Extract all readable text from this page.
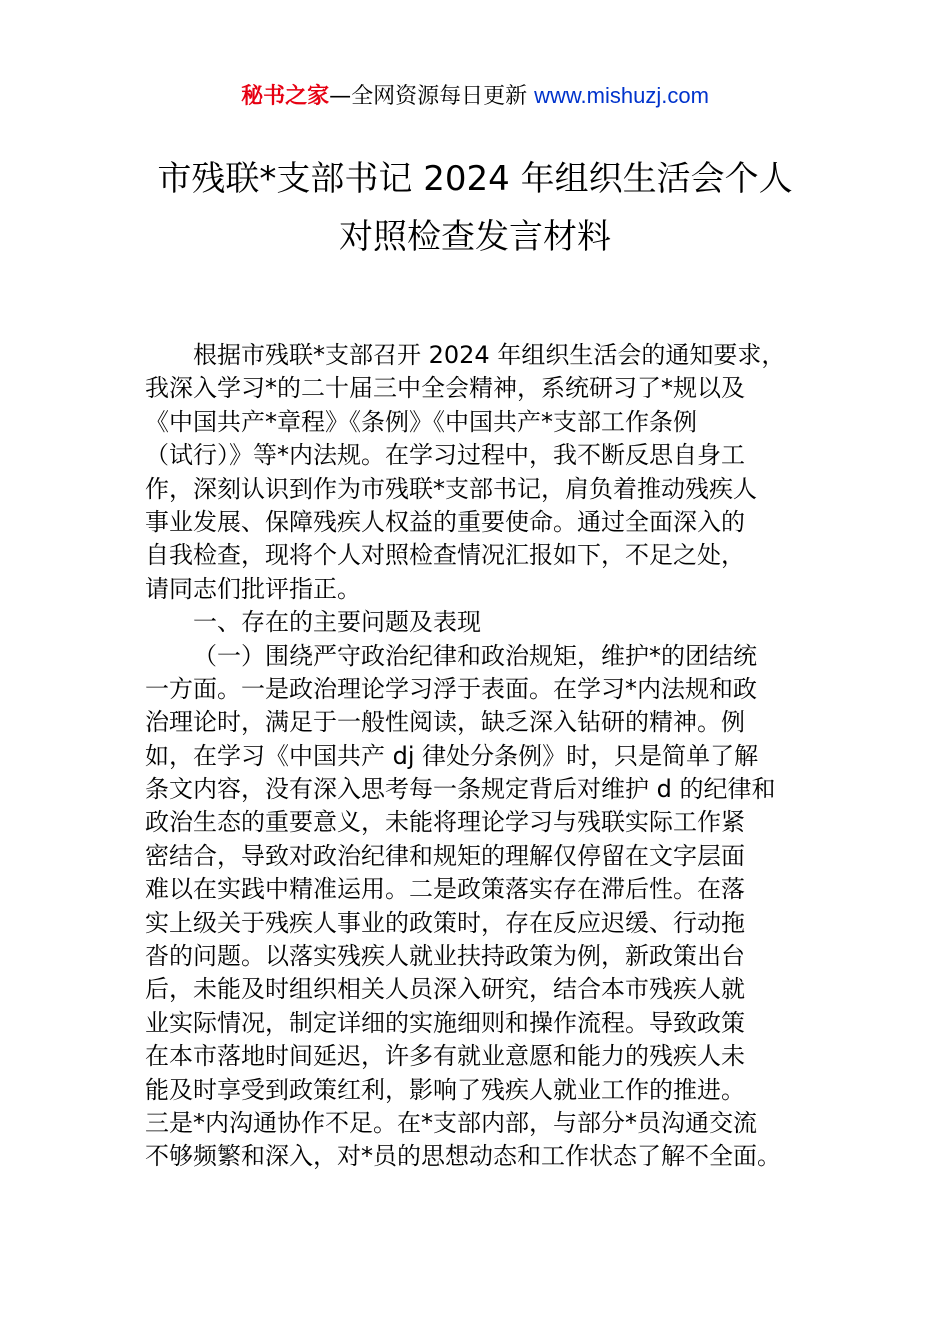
秘书之家—全网资源每日更新 www.mishuzj.com
市残联*支部书记 2024 年组织生活会个人
对照检查发言材料
根据市残联*支部召开 2024 年组织生活会的通知要求，
我深入学习*的二十届三中全会精神，系统研习了*规以及
《中国共产*章程》《条例》《中国共产*支部工作条例
（试行）》等*内法规。在学习过程中，我不断反思自身工
作，深刻认识到作为市残联*支部书记，肩负着推动残疾人
事业发展、保障残疾人权益的重要使命。通过全面深入的
自我检查，现将个人对照检查情况汇报如下，不足之处，
请同志们批评指正。
一、存在的主要问题及表现
（一）围绕严守政治纪律和政治规矩，维护*的团结统
一方面。一是政治理论学习浮于表面。在学习*内法规和政
治理论时，满足于一般性阅读，缺乏深入钻研的精神。例
如，在学习《中国共产 dj 律处分条例》时，只是简单了解
条文内容，没有深入思考每一条规定背后对维护 d 的纪律和
政治生态的重要意义，未能将理论学习与残联实际工作紧
密结合，导致对政治纪律和规矩的理解仅停留在文字层面
难以在实践中精准运用。二是政策落实存在滞后性。在落
实上级关于残疾人事业的政策时，存在反应迟缓、行动拖
沓的问题。以落实残疾人就业扶持政策为例，新政策出台
后，未能及时组织相关人员深入研究，结合本市残疾人就
业实际情况，制定详细的实施细则和操作流程。导致政策
在本市落地时间延迟，许多有就业意愿和能力的残疾人未
能及时享受到政策红利，影响了残疾人就业工作的推进。
三是*内沟通协作不足。在*支部内部，与部分*员沟通交流
不够频繁和深入，对*员的思想动态和工作状态了解不全面。
